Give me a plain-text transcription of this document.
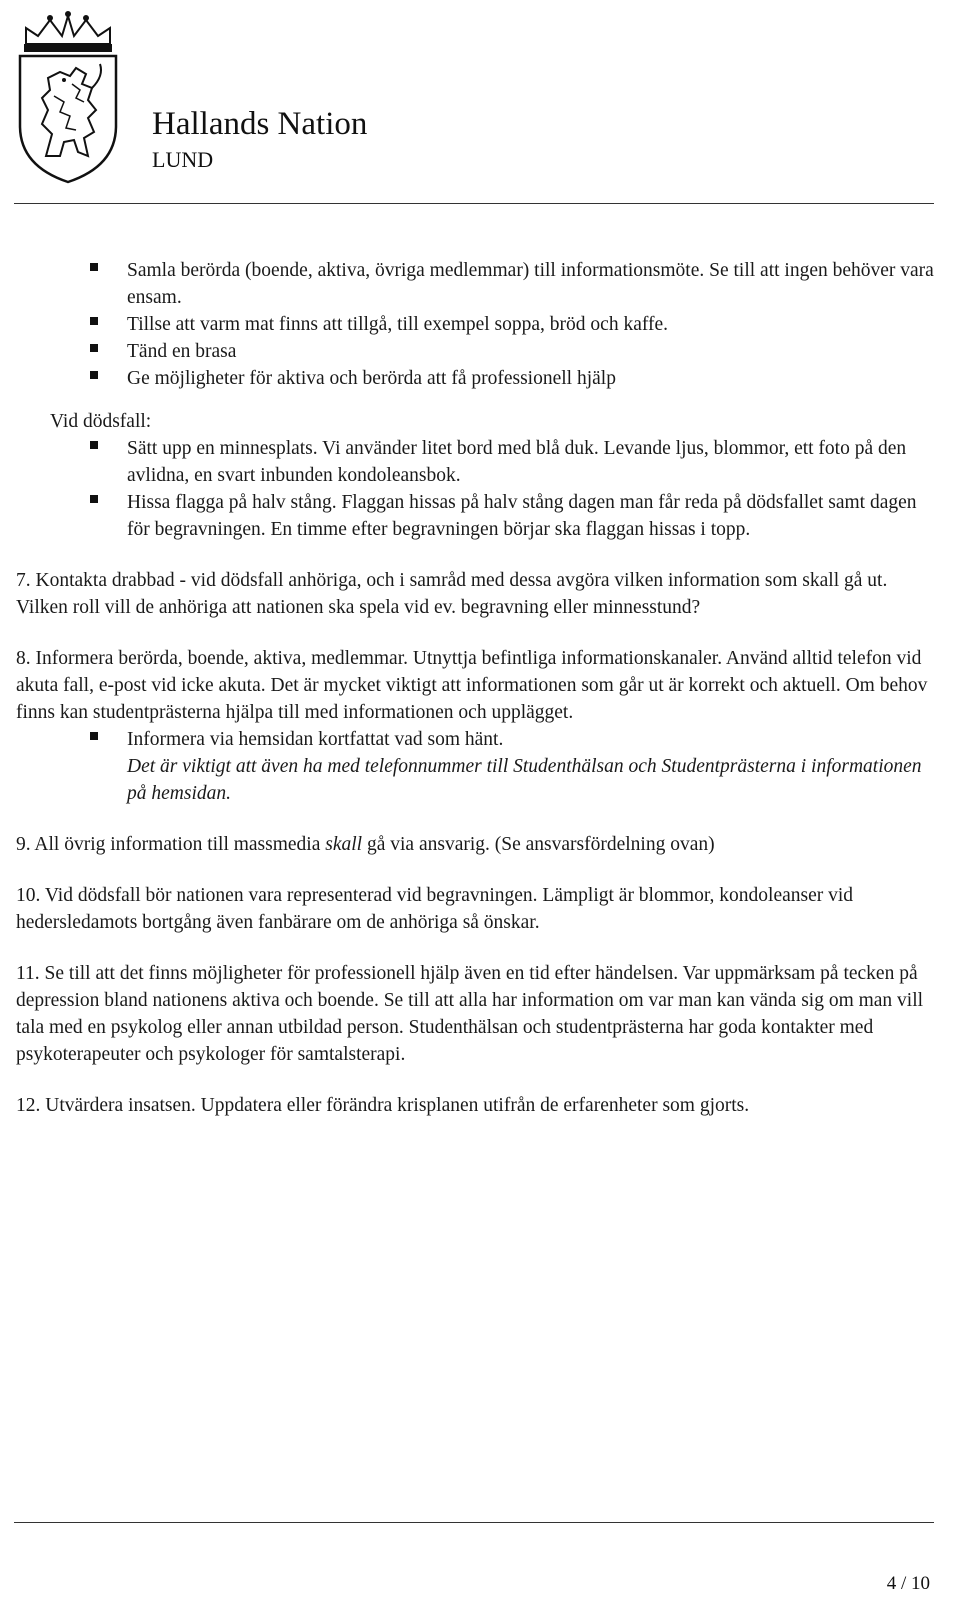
Hallands Nation
LUND
Samla berörda (boende, aktiva, övriga medlemmar) till informationsmöte. Se till att ingen behöver vara ensam.
Tillse att varm mat finns att tillgå, till exempel soppa, bröd och kaffe.
Tänd en brasa
Ge möjligheter för aktiva och berörda att få professionell hjälp

Vid dödsfall:

Sätt upp en minnesplats. Vi använder litet bord med blå duk. Levande ljus, blommor, ett foto på den avlidna, en svart inbunden kondoleansbok.
Hissa flagga på halv stång. Flaggan hissas på halv stång dagen man får reda på dödsfallet samt dagen för begravningen. En timme efter begravningen börjar ska flaggan hissas i topp.

7. Kontakta drabbad - vid dödsfall anhöriga, och i samråd med dessa avgöra vilken information som skall gå ut. Vilken roll vill de anhöriga att nationen ska spela vid ev. begravning eller minnesstund?

8. Informera berörda, boende, aktiva, medlemmar. Utnyttja befintliga informationskanaler. Använd alltid telefon vid akuta fall, e-post vid icke akuta. Det är mycket viktigt att informationen som går ut är korrekt och aktuell. Om behov finns kan studentprästerna hjälpa till med informationen och upplägget.

Informera via hemsidan kortfattat vad som hänt.
Det är viktigt att även ha med telefonnummer till Studenthälsan och Studentprästerna i informationen på hemsidan.

9. All övrig information till massmedia skall gå via ansvarig. (Se ansvarsfördelning ovan)

10. Vid dödsfall bör nationen vara representerad vid begravningen. Lämpligt är blommor, kondoleanser vid hedersledamots bortgång även fanbärare om de anhöriga så önskar.

11. Se till att det finns möjligheter för professionell hjälp även en tid efter händelsen. Var uppmärksam på tecken på depression bland nationens aktiva och boende. Se till att alla har information om var man kan vända sig om man vill tala med en psykolog eller annan utbildad person. Studenthälsan och studentprästerna har goda kontakter med psykoterapeuter och psykologer för samtalsterapi.

12. Utvärdera insatsen. Uppdatera eller förändra krisplanen utifrån de erfarenheter som gjorts.

4 / 10
